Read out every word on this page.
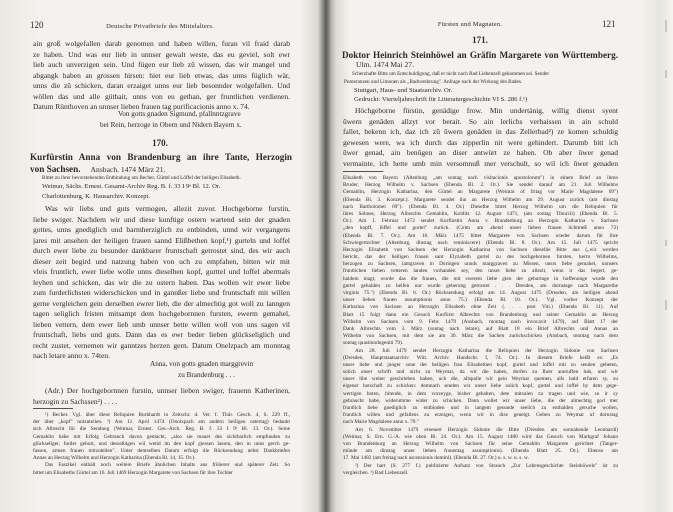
120	Deutsche Privatbriefe des Mittelalters.
ain groß wolgefallen darab genomen und haben willen, furan vil fraid darab
ze haben. Und was eur lieb in unnser gewalt weste, das eu geviel, solt ewr
lieb auch unverzigen sein. Und fügen eur lieb zû wissen, das wir mangel und
abgangk haben an grossen hirsen: hiet eur lieb etwas, das unns füglich wär,
unns die zû schicken, daran erzaiget unns eur lieb besonnder wolgefallen. Und
wöllen das und alle güthait, unns von eu gethan, ger fruntlichen verdienen.
Datum Rünthoven an unnser lieben frauen tag purificacionis anno x. 74.
Von gotts gnaden Sigmund, pfallnntzgrave
bei Rein, herzoge in Obern und Nidern Bayern x.
170.
Kurfürstin Anna von Brandenburg an ihre Tante, Herzogin
von Sachsen. Ansbach. 1474 März 21.
Bittet zu ihrer bevorstehenden Entbindung um Becher, Gürtel und Löffel der heiligen Elisabeth.
Weimar, Sächs. Ernest. Gesamt-Archiv Reg. B. f. 33 I 9ᵉ Bl. 12. Or.
Charlottenburg, K. Hausarchiv. Konzept.
Was wir liebs und guts vermogen, allezit zuvor. Hochgeborne furstin,
liebe swiger. Nachdem wir und diese kunftige ostern wartend sein der gnaden
gottes, unns gnediglich und barmherziglich zu entbinden, unnd wir vergangens
jares mit ansehen der heiligen frauen sannd Elißbethen kopf,¹) gurteln und loffel
durch ewer liebe zu besunder dankbarer fruntschaft getrostet sind, des wir auch
dieser zeit begird und natzung haben von uch zu empfahen, bitten wir mit
vleis fruntlich, ewer liebe wolle unns dieselben kopf, gurttel und loffel abermals
leyhen und schicken, das wir die zu ostern haben. Das wollen wir ewer liebe
zum furderlichsten widerschicken und in gannßer liebe und fruntschaft mit willen
gerne vergleichen gein derselben ewrer lieb, die der almechtig got woll zu lanngen
tagen seliglich fristen mitsampt dem hochgebornnen fursten, ewerm gemahel,
lieben vettern, dem ewer lieb umb unnser bette willen woll von uns sagen vil
fruntschaft, liebs und guts. Dann das es ewr beder lieben glückseliglich und
recht zustet, vernemen wir ganntzes herzen gern. Datum Onelzpach am monntag
nach letare anno x. 74ten.
Anna, von gotts gnaden marggrevin
zu Brandenburg . . .
(Adr.) Der hochgebornnen furstin, unnser lieben swiger, frauenn Katherinen,
herzogin zu Sachssen²) . . . .
¹) Becher. Vgl. über diese Reliquien Burkhardt in Zeitschr. d. Ver. f. Thür. Gesch. 4, S. 229 ff.,
der über „kopf" mitzuteilen. ²) Am 11. April 1474 (Onolzpach am andern heiligen ostertag) bedankt
sich Albrecht für die Sendung (Weimar, Ernest. Ges.-Arch. Reg. B. f. 33 I 9ᵉ Bl. 13. Or.). Seine
Gemahlin habe mit Erfolg Gebrauch davon gemacht, „also sie mauet des sichtbarlich empfunden zu
glückseliger, furder geburt, und desselbigen wil wetid im den kopf giessen lassen, den in unns gerch ge-
fassen, armen frauen mitzuteilen". Unter demselben Datum erfolgt die Rücksendung nebst Dankbriefen
Annas an Herzog Wilhelm und Herzogin Katharina (Ebenda Bl. 14, 15. Or.).
Das Faszikel enthält noch weitere Briefe ähnlichen Inhalts aus früherer und späterer Zeit. So
bittet um Elisabeths Gürtel am 16. Juli 1469 Herzogin Margarete von Sachsen für ihre Tochter
Fürsten und Magnaten.	121
171.
Doktor Heinrich Steinhöwel an Gräfin Margarete von Württemberg.
Ulm. 1474 Mai 27.
Scherzhafte Bitte um Entschuldigung, daß er nicht nach Bad Liebenzell gekommen sei. Sendet
Pomeranzen und Limonen als „Badverehrung". Anfrage nach der Wirkung des Bades.
Stuttgart, Haus- und Staatsarchiv. Or.
Gedruckt: Vierteljahrschrift für Litteraturgeschichte VI S. 286 f.¹)
Höchgeborne fürstin, genädige frow. Min undertänig, willig dienst syent
ûwern genâden allzyt vor berait. So ain lerlichs verhaissen in ain schuld
fallet, bekenn ich, daz ich zû ûwern genâden in das Zellerbad²) ze komen schuldig
gewesen were, wa ich durch das zipperlin nit were gehindert. Darumb bitt ich
ûwer genad, ain benûgen an diser antwürt ze haben. Ob aber ûwer genad
vermainte, ich hette umb min versomnuß mer verschult, so wil ich ûwer genaden
Elisabeth von Bayern (Altenburg „am sontag nach visitacionis apostolorum") in einem Brief an ihren
Bruder, Herzog Wilhelm v. Sachsen (Ebenda Bl. 2. Or.). Sie sendet darauf am 21. Juli Wilhelms
Gemahlin, Herzogin Katharina, den Gürtel an Margarete (Weimar of fritag vor Marie Magdalene 69")
(Ebenda Bl. 3. Konzept.). Margarete sendet ihn an Herzog Wilhelm am 29. August zurück (am dinstag
nach Bartholomei 69"). (Ebenda Bl. 4. Or.) Dieselbe bittet Herzog Wilhelm um die Reliquien für
ihres Sohnes, Herzog Albrechts Gemahlin, Kolditz 12. August 1471, (am sontag Tiburcii) (Ebenda Bl. 5.
Or.). Am 1. Februar 1472 sendet Kurfürstin Anna v. Brandenburg an Herzogin Katharina v. Sachsen
„den kopff, löffel und gortel" zurück. (Colm am abend unser lieben frauen lichtmeß anno 72)
(Ebenda Bl. 7. Or.). Am 16. März 1475 bittet Margarete von Sachsen wieder darum für ihre
Schwiegertochter (Altenburg, dinstag nach reminiscere) (Ebenda Bl. 8. Or.). Am 15. Juli 1475 spricht
Herzogin Elisabeth von Sachsen der Herzogin Katharina von Sachsen dieselbe Bitte aus („wir werden
bericht, das der heiligen frauen sant Elyzabeth gurtel zu des hochgebornen fursten, herrn Wilhelms,
herzogen zu Sachsen, lantgraven in Doringen unnds marggraven zu Missen, unsrs liebe gemahel, unnsers
fruntlichen lieben vetteren landen vorhanden sey, den unsre liebe zu allezit, wenn ir das begert, ge-
haldem magt, wurde das die frauen, die mit swerem liebe gien der geburtage in hoffenunge wurde den
gurtel gehalden zu helfen nur wurde geberung getrostet . . . Dresden, am dornstage nach Margarethe
virginis 75.") (Ebenda Bl. 6. Or.) Rücksendung erfolgt am 14. August 1475 (Dresden, am heiligen abend
unser lieben frauen assumptionis anno 75.) (Ebenda Bl. 10. Or.). Vgl. vorher Konzept der
Katharina von Sachsen an Herzogin Elisabeth ohne Zeit (. . . post Viti.) (Ebenda Bl. 11). Auf
Blatt 15 folgt dann ein Gesuch Kurfürst Albrechts von Brandenburg und seiner Gemahlin an Herzog
Wilhelm von Sachsen vom 9. Febr. 1479 (Ansbach, montag nach invocavit 1479), auf Blatt 17 der
Dank Albrechts vom 3. März (sontag nach letare), auf Blatt 18 ein Brief Albrechts und Annas an
Wilhelm von Sachsen, mit dem sie am 30. März die Sachen zurückschicken (Ansbach, montag nach dem
sontag quasimodogeniti 79).
Am 28. Juli 1479 sendet Herzogin Katharina die Reliquien der Herzogin Sidonie von Sachsen
(Dresden, Hauptstaatsarchiv. Witt. Archiv. Handschr. I, 74. Or.). In diesem Briefe heißt es: „Es
unser liebe und junger sone der heiligen frau Elisabethen kopf, gurtel und loffel mit zu senden gebeten,
solich unser schrift und nicht zu Weymar, da wir die haben, dorfen zu Ihrer annruffen hab, und wir
unser libe weiter geschrieben haben, uch die, allspalle wir gein Weymar quemen, alls bald erfaren sy, zu
eigener botschaft zu schicken: demnach senden wir unser liebe solich kopf, gurtel und loffel by dem gege-
wertigen boten, bitende, in dem vorzeyge, bisher gehalten, dete mitsulen zu tragen und wie, so ir sy
gebraucht habe, widerumme wider zu schicken. Dann wollet wir unser liebe, die der almechtig god mer
fruntlich liebe gnediglich zu entbinden und in langem gesunde seelich zu enthalden geruche wollen,
fruntlich willen und gefallens zu erzeigen, wenn wir in dise geneigt. Geben zu Weymar uf dornstag
nach Marie Magdalene anno x. 79."
Am 6. November 1479 erneuert Herzogin Sidonie die Bitte (Dresden am sonnabende Leonhardi)
(Weimar, S. Ern. G.-A. wie oben Bl. 24. Or.). Am 15. August 1480 wird das Gesuch von Markgraf Johann
von Brandenburg an Herzog Wilhelm von Sachsen für seine Gemahlin Margarete gerichtet (Tanger-
münde am dinstag unser lieben frauentag assumptionis). (Ebenda Blatt 25. Or.). Ebenso am
17. Mai 1482 (am freitag nach ascensionis domini). (Ebenda Bl. 27. Or.) u. s. w. u. s. w.
²) Der hart (S. 277 f.) publizierte Aufsatz von Strauch „Zur Lebensgeschichte Steinhöwels" ist zu
vergleichen. ³) Bad Liebenzell.
